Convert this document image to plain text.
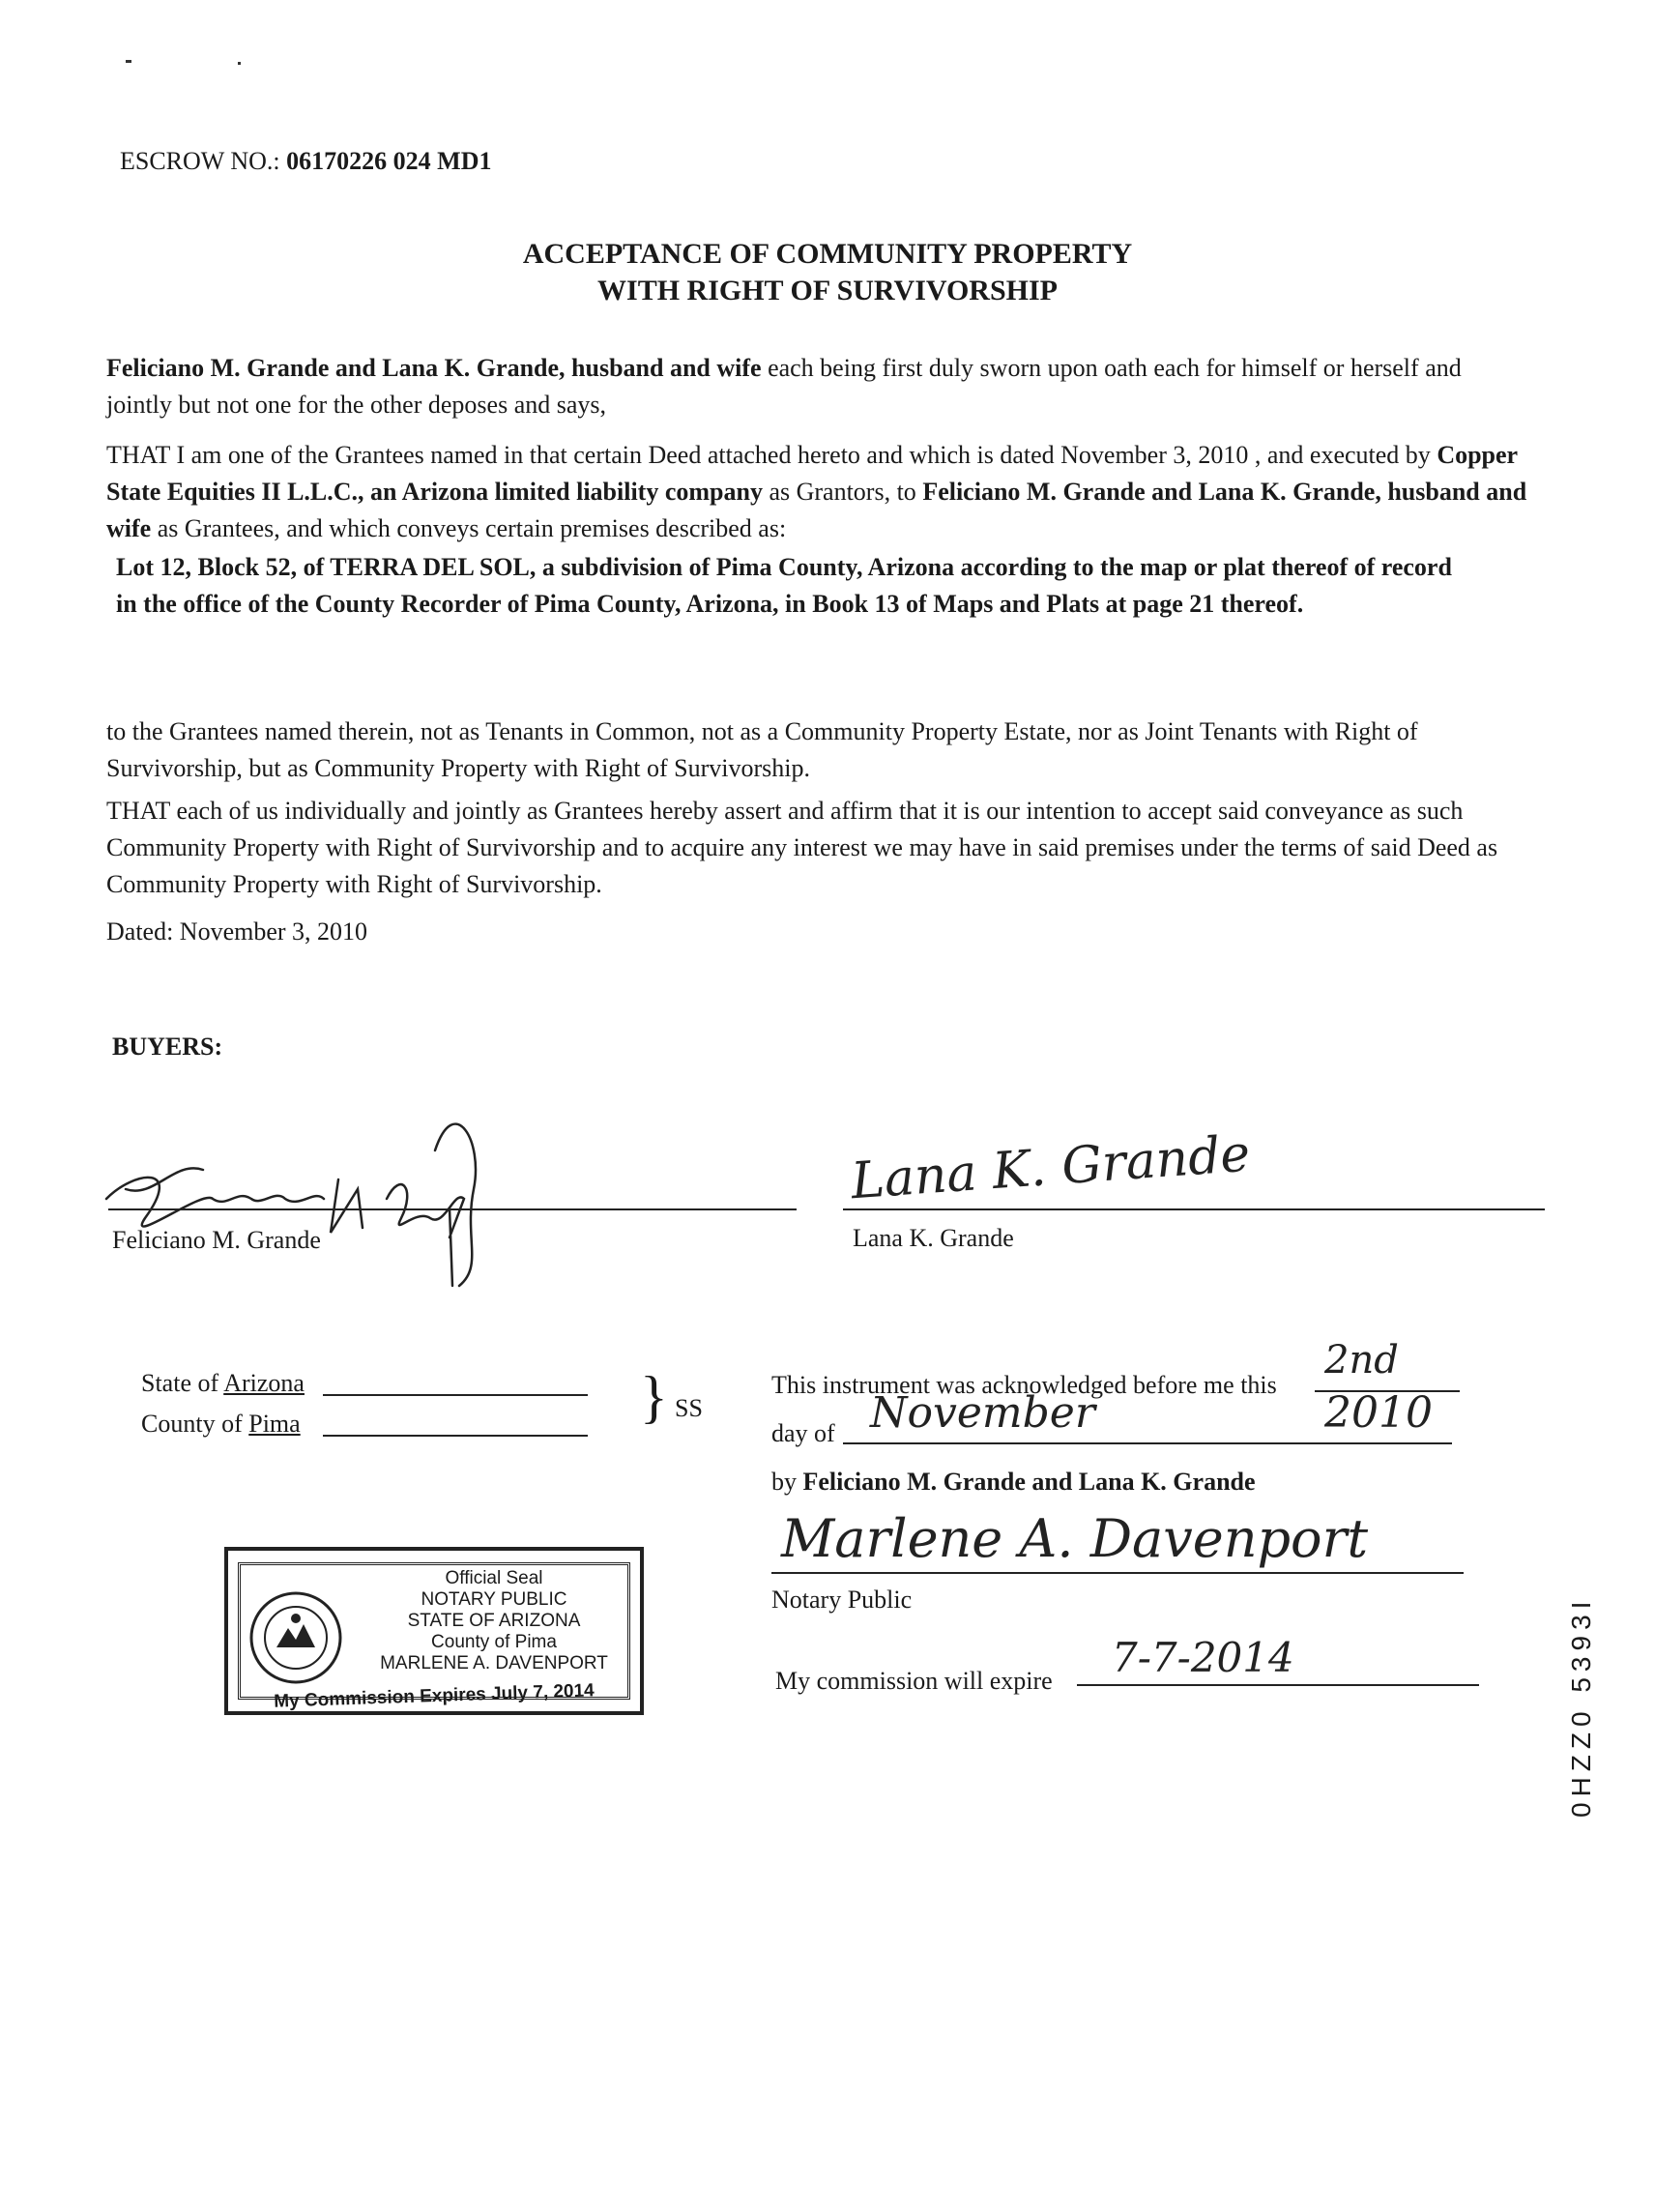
ESCROW NO.: 06170226 024 MD1
ACCEPTANCE OF COMMUNITY PROPERTY
WITH RIGHT OF SURVIVORSHIP

Feliciano M. Grande and Lana K. Grande, husband and wife each being first duly sworn upon oath each for himself or herself and jointly but not one for the other deposes and says,

THAT I am one of the Grantees named in that certain Deed attached hereto and which is dated November 3, 2010 , and executed by Copper State Equities II L.L.C., an Arizona limited liability company as Grantors, to Feliciano M. Grande and Lana K. Grande, husband and wife as Grantees, and which conveys certain premises described as:

Lot 12, Block 52, of TERRA DEL SOL, a subdivision of Pima County, Arizona according to the map or plat thereof of record in the office of the County Recorder of Pima County, Arizona, in Book 13 of Maps and Plats at page 21 thereof.

to the Grantees named therein, not as Tenants in Common, not as a Community Property Estate, nor as Joint Tenants with Right of Survivorship, but as Community Property with Right of Survivorship.

THAT each of us individually and jointly as Grantees hereby assert and affirm that it is our intention to accept said conveyance as such Community Property with Right of Survivorship and to acquire any interest we may have in said premises under the terms of said Deed as Community Property with Right of Survivorship.

Dated: November 3, 2010
BUYERS:
Feliciano M. Grande
Lana K. Grande
Lana K. Grande
State of Arizona
County of Pima	} SS
This instrument was acknowledged before me this
2nd
day of November	2010
by Feliciano M. Grande and Lana K. Grande
Marlene A. Davenport
Notary Public
My commission will expire 7-7-2014
Official Seal
NOTARY PUBLIC
STATE OF ARIZONA
County of Pima
MARLENE A. DAVENPORT
My Commission Expires July 7, 2014	0HZZ0 5393I
